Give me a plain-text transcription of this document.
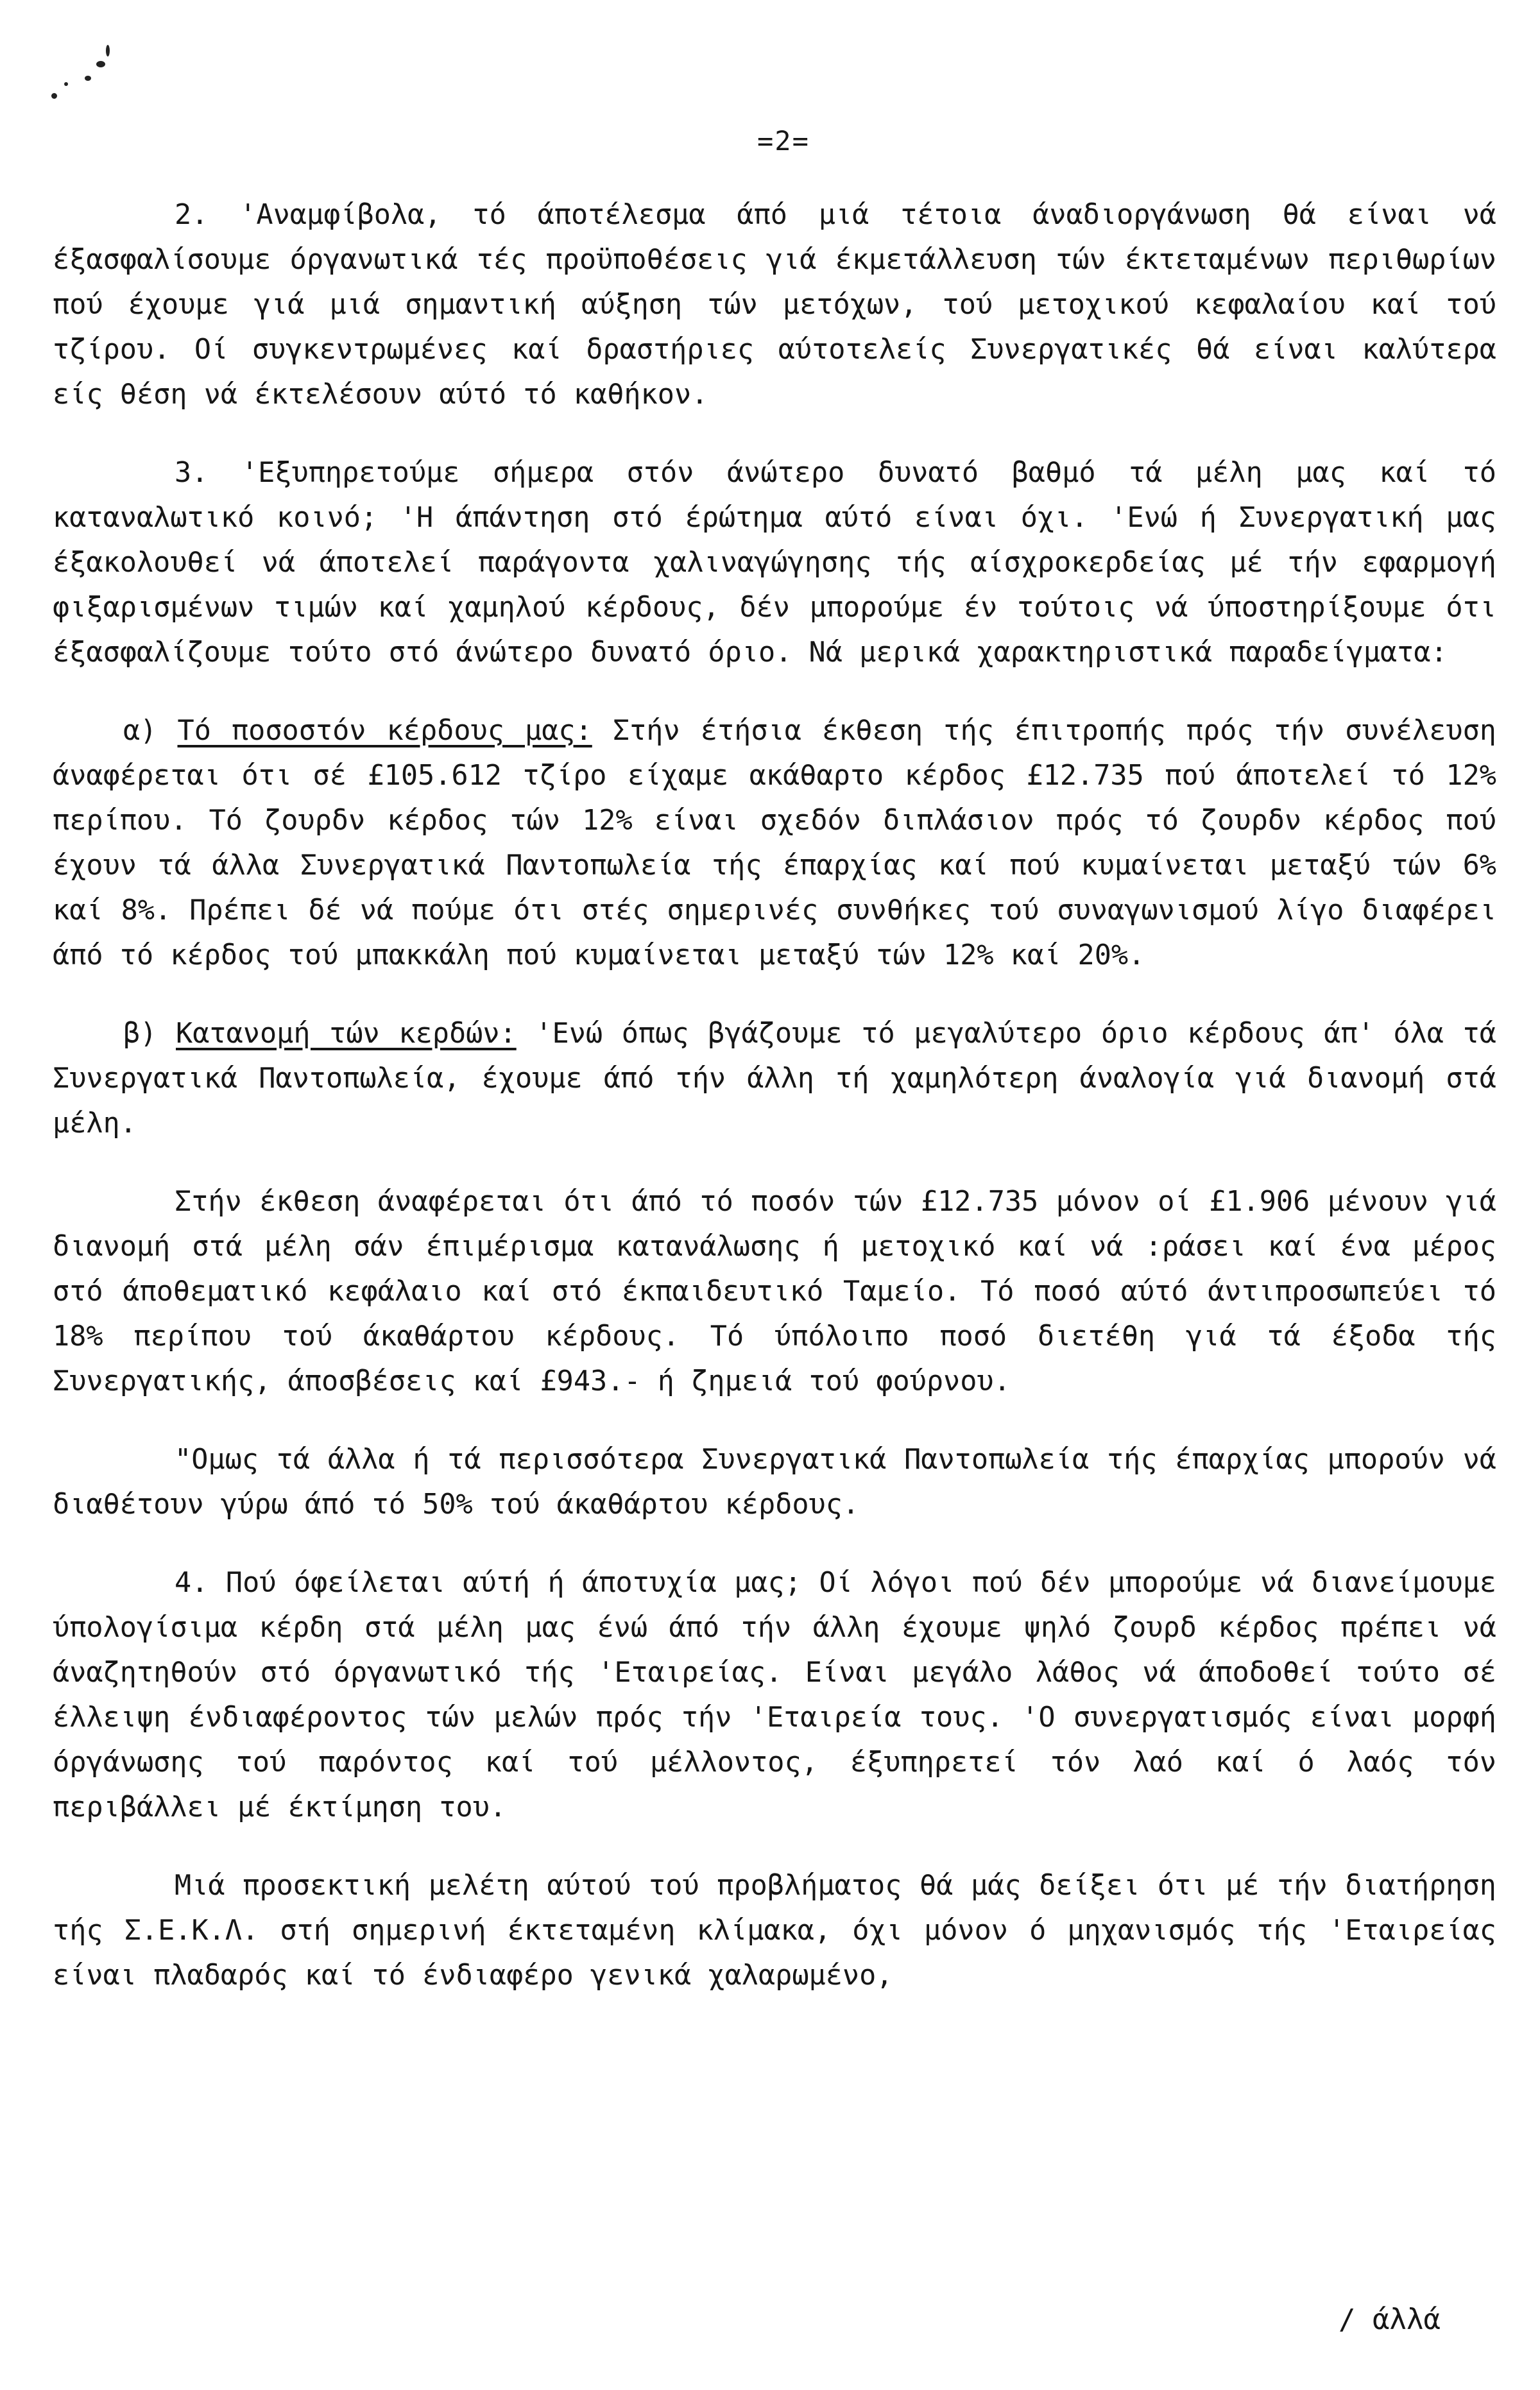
=2=

2. 'Αναμφίβολα, τό άποτέλεσμα άπό μιά τέτοια άναδιοργάνωση θά είναι νά έξασφαλίσουμε όργανωτικά τές προϋποθέσεις γιά έκμετάλλευση τών έκτεταμένων περιθωρίων πού έχουμε γιά μιά σημαντική αύξηση τών μετόχων, τού μετοχικού κεφαλαίου καί τού τζίρου. Οί συγκεντρωμένες καί δραστήριες αύτοτελείς Συνεργατικές θά είναι καλύτερα είς θέση νά έκτελέσουν αύτό τό καθήκον.

3. 'Εξυπηρετούμε σήμερα στόν άνώτερο δυνατό βαθμό τά μέλη μας καί τό καταναλωτικό κοινό; 'Η άπάντηση στό έρώτημα αύτό είναι όχι. 'Ενώ ή Συνεργατική μας έξακολουθεί νά άποτελεί παράγοντα χαλιναγώγησης τής αίσχροκερδείας μέ τήν εφαρμογή φιξαρισμένων τιμών καί χαμηλού κέρδους, δέν μπορούμε έν τούτοις νά ύποστηρίξουμε ότι έξασφαλίζουμε τούτο στό άνώτερο δυνατό όριο. Νά μερικά χαρακτηριστικά παραδείγματα:

α) Τό ποσοστόν κέρδους μας: Στήν έτήσια έκθεση τής έπιτροπής πρός τήν συνέλευση άναφέρεται ότι σέ £105.612 τζίρο είχαμε ακάθαρτο κέρδος £12.735 πού άποτελεί τό 12% περίπου. Τό ζουρδν κέρδος τών 12% είναι σχεδόν διπλάσιον πρός τό ζουρδν κέρδος πού έχουν τά άλλα Συνεργατικά Παντοπωλεία τής έπαρχίας καί πού κυμαίνεται μεταξύ τών 6% καί 8%. Πρέπει δέ νά πούμε ότι στές σημερινές συνθήκες τού συναγωνισμού λίγο διαφέρει άπό τό κέρδος τού μπακκάλη πού κυμαίνεται μεταξύ τών 12% καί 20%.

β) Κατανομή τών κερδών: 'Ενώ όπως βγάζουμε τό μεγαλύτερο όριο κέρδους άπ' όλα τά Συνεργατικά Παντοπωλεία, έχουμε άπό τήν άλλη τή χαμηλότερη άναλογία γιά διανομή στά μέλη.

Στήν έκθεση άναφέρεται ότι άπό τό ποσόν τών £12.735 μόνον οί £1.906 μένουν γιά διανομή στά μέλη σάν έπιμέρισμα κατανάλωσης ή μετοχικό καί νά :ράσει καί ένα μέρος στό άποθεματικό κεφάλαιο καί στό έκπαιδευτικό Ταμείο. Τό ποσό αύτό άντιπροσωπεύει τό 18% περίπου τού άκαθάρτου κέρδους. Τό ύπόλοιπο ποσό διετέθη γιά τά έξοδα τής Συνεργατικής, άποσβέσεις καί £943.- ή ζημειά τού φούρνου.

"Ομως τά άλλα ή τά περισσότερα Συνεργατικά Παντοπωλεία τής έπαρχίας μπορούν νά διαθέτουν γύρω άπό τό 50% τού άκαθάρτου κέρδους.

4. Πού όφείλεται αύτή ή άποτυχία μας; Οί λόγοι πού δέν μπορούμε νά διανείμουμε ύπολογίσιμα κέρδη στά μέλη μας ένώ άπό τήν άλλη έχουμε ψηλό ζουρδ κέρδος πρέπει νά άναζητηθούν στό όργανωτικό τής 'Εταιρείας. Είναι μεγάλο λάθος νά άποδοθεί τούτο σέ έλλειψη ένδιαφέροντος τών μελών πρός τήν 'Εταιρεία τους. 'Ο συνεργατισμός είναι μορφή όργάνωσης τού παρόντος καί τού μέλλοντος, έξυπηρετεί τόν λαό καί ό λαός τόν περιβάλλει μέ έκτίμηση του.

Μιά προσεκτική μελέτη αύτού τού προβλήματος θά μάς δείξει ότι μέ τήν διατήρηση τής Σ.Ε.Κ.Λ. στή σημερινή έκτεταμένη κλίμακα, όχι μόνον ό μηχανισμός τής 'Εταιρείας είναι πλαδαρός καί τό ένδιαφέρο γενικά χαλαρωμένο,

/ άλλά
